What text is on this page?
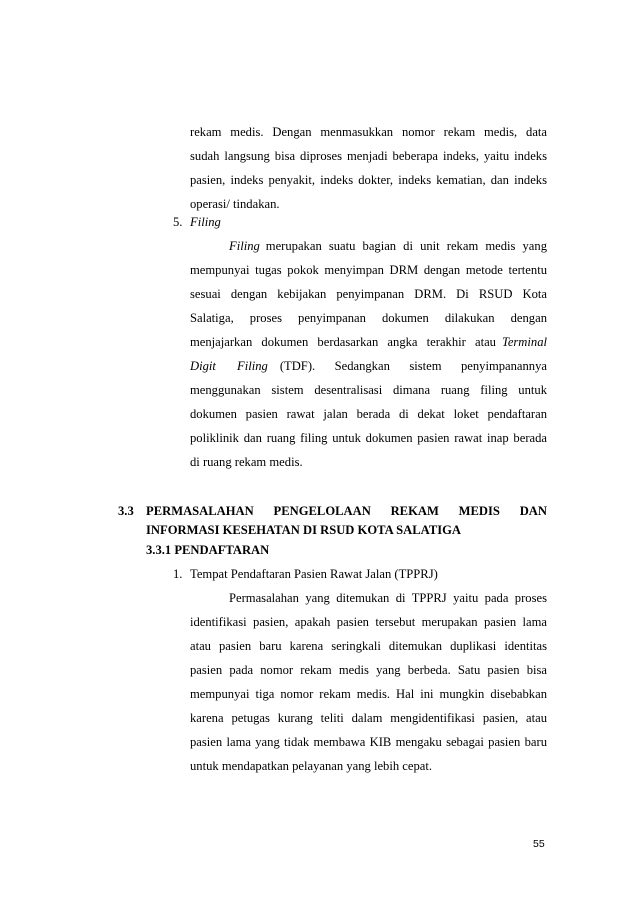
rekam medis. Dengan menmasukkan nomor rekam medis, data
sudah langsung bisa diproses menjadi beberapa indeks, yaitu indeks
pasien, indeks penyakit, indeks dokter, indeks kematian, dan indeks
operasi/ tindakan.
5. Filing
Filing merupakan suatu bagian di unit rekam medis yang
mempunyai tugas pokok menyimpan DRM dengan metode tertentu
sesuai dengan kebijakan penyimpanan DRM. Di RSUD Kota
Salatiga, proses penyimpanan dokumen dilakukan dengan
menjajarkan dokumen berdasarkan angka terakhir atau Terminal
Digit Filing (TDF). Sedangkan sistem penyimpanannya
menggunakan sistem desentralisasi dimana ruang filing untuk
dokumen pasien rawat jalan berada di dekat loket pendaftaran
poliklinik dan ruang filing untuk dokumen pasien rawat inap berada
di ruang rekam medis.
3.3 PERMASALAHAN PENGELOLAAN REKAM MEDIS DAN
INFORMASI KESEHATAN DI RSUD KOTA SALATIGA
3.3.1 PENDAFTARAN
1. Tempat Pendaftaran Pasien Rawat Jalan (TPPRJ)
Permasalahan yang ditemukan di TPPRJ yaitu pada proses
identifikasi pasien, apakah pasien tersebut merupakan pasien lama
atau pasien baru karena seringkali ditemukan duplikasi identitas
pasien pada nomor rekam medis yang berbeda. Satu pasien bisa
mempunyai tiga nomor rekam medis. Hal ini mungkin disebabkan
karena petugas kurang teliti dalam mengidentifikasi pasien, atau
pasien lama yang tidak membawa KIB mengaku sebagai pasien baru
untuk mendapatkan pelayanan yang lebih cepat.
55
